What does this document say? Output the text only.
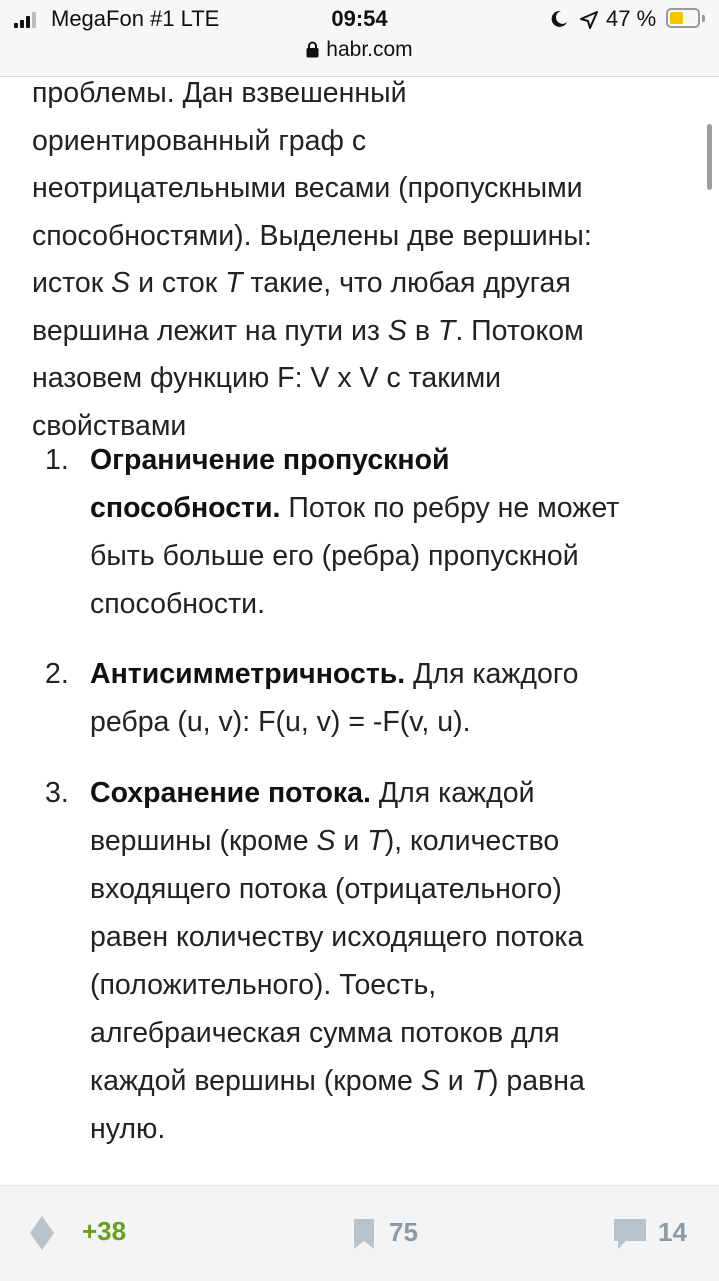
MegaFon #1 LTE	09:54	47 %
habr.com

проблемы. Дан взвешенный

ориентированный граф с

неотрицательными весами (пропускными

способностями). Выделены две вершины:

исток S и сток T такие, что любая другая

вершина лежит на пути из S в T. Потоком

назовем функцию F: V x V с такими

свойствами

1. Ограничение пропускной
способности. Поток по ребру не может
быть больше его (ребра) пропускной
способности.
2. Антисимметричность. Для каждого
ребра (u, v): F(u, v) = -F(v, u).
3. Сохранение потока. Для каждой
вершины (кроме S и T), количество
входящего потока (отрицательного)
равен количеству исходящего потока
(положительного). Тоесть,
алгебраическая сумма потоков для
каждой вершины (кроме S и T) равна
нулю.
+38	75	14
